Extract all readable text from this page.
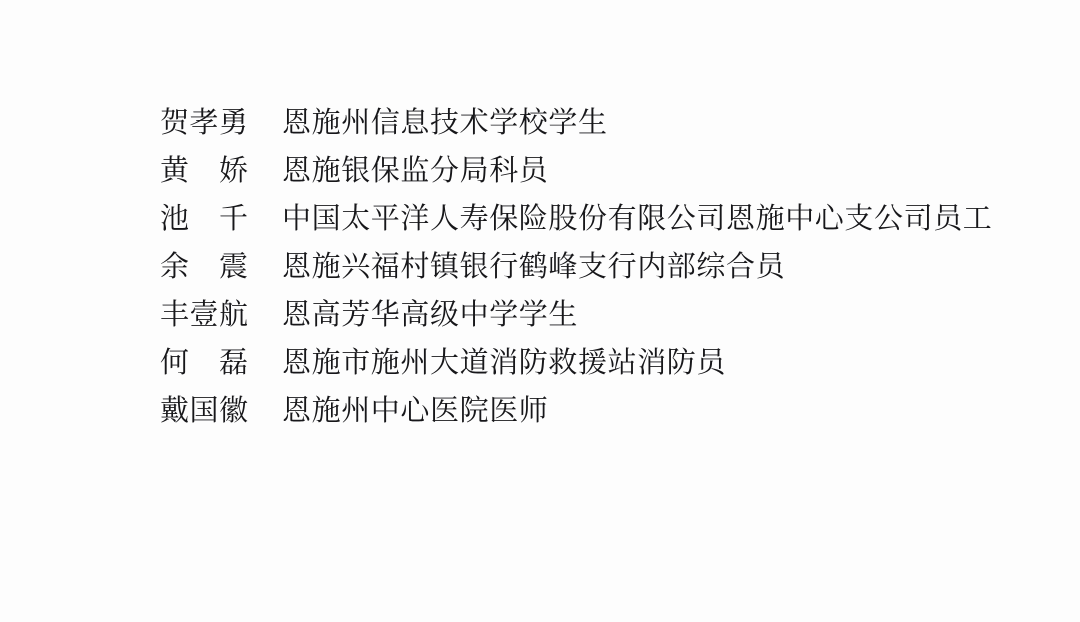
贺孝勇	恩施州信息技术学校学生
黄　娇	恩施银保监分局科员
池　千	中国太平洋人寿保险股份有限公司恩施中心支公司员工
余　震	恩施兴福村镇银行鹤峰支行内部综合员
丰壹航	恩高芳华高级中学学生
何　磊	恩施市施州大道消防救援站消防员
戴国徽	恩施州中心医院医师
